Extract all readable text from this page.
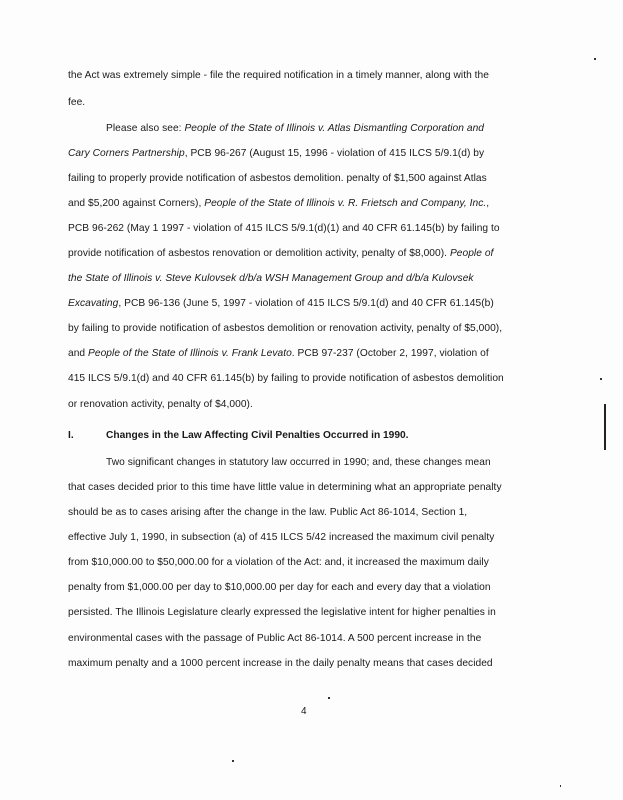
the Act was extremely simple - file the required notification in a timely manner, along with the
fee.
Please also see: People of the State of Illinois v. Atlas Dismantling Corporation and
Cary Corners Partnership, PCB 96-267 (August 15, 1996 - violation of 415 ILCS 5/9.1(d) by
failing to properly provide notification of asbestos demolition. penalty of $1,500 against Atlas
and $5,200 against Corners), People of the State of Illinois v. R. Frietsch and Company, Inc.,
PCB 96-262 (May 1 1997 - violation of 415 ILCS 5/9.1(d)(1) and 40 CFR 61.145(b) by failing to
provide notification of asbestos renovation or demolition activity, penalty of $8,000). People of
the State of Illinois v. Steve Kulovsek d/b/a WSH Management Group and d/b/a Kulovsek
Excavating, PCB 96-136 (June 5, 1997 - violation of 415 ILCS 5/9.1(d) and 40 CFR 61.145(b)
by failing to provide notification of asbestos demolition or renovation activity, penalty of $5,000),
and People of the State of Illinois v. Frank Levato. PCB 97-237 (October 2, 1997, violation of
415 ILCS 5/9.1(d) and 40 CFR 61.145(b) by failing to provide notification of asbestos demolition
or renovation activity, penalty of $4,000).
I.	Changes in the Law Affecting Civil Penalties Occurred in 1990.
Two significant changes in statutory law occurred in 1990; and, these changes mean
that cases decided prior to this time have little value in determining what an appropriate penalty
should be as to cases arising after the change in the law. Public Act 86-1014, Section 1,
effective July 1, 1990, in subsection (a) of 415 ILCS 5/42 increased the maximum civil penalty
from $10,000.00 to $50,000.00 for a violation of the Act: and, it increased the maximum daily
penalty from $1,000.00 per day to $10,000.00 per day for each and every day that a violation
persisted. The Illinois Legislature clearly expressed the legislative intent for higher penalties in
environmental cases with the passage of Public Act 86-1014. A 500 percent increase in the
maximum penalty and a 1000 percent increase in the daily penalty means that cases decided
4
